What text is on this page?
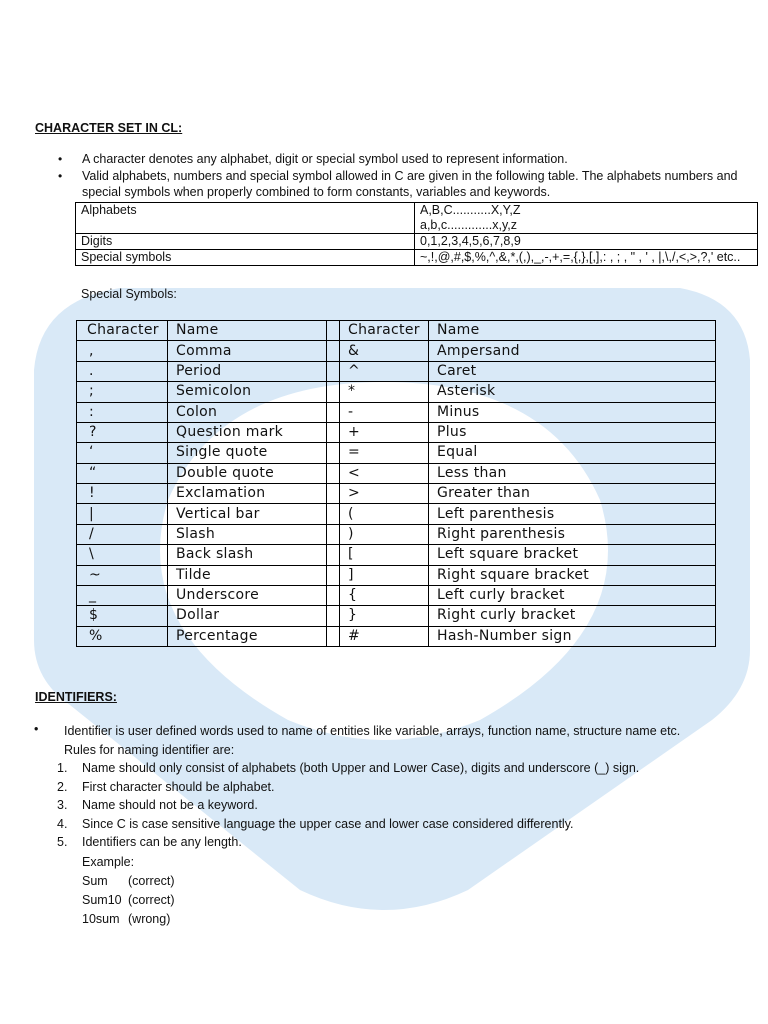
CHARACTER SET IN CL:
• A character denotes any alphabet, digit or special symbol used to represent information.
• Valid alphabets, numbers and special symbol allowed in C are given in the following table. The alphabets numbers and special symbols when properly combined to form constants, variables and keywords.
Alphabets	A,B,C...........X,Y,Z
a,b,c.............x,y,z

Digits	0,1,2,3,4,5,6,7,8,9
Special symbols	~,!,@,#,$,%,^,&,*,(,),_,-,+,=,{,},[,],: , ; , " , ' , |,\,/,<,>,?,' etc..
Special Symbols:
Character	Name		Character	Name
,	Comma		&	Ampersand
.	Period		^	Caret
;	Semicolon		*	Asterisk
:	Colon		-	Minus
?	Question mark		+	Plus
‘	Single quote		=	Equal
“	Double quote		<	Less than
!	Exclamation		>	Greater than
|	Vertical bar		(	Left parenthesis
/	Slash		)	Right parenthesis
\	Back slash		[	Left square bracket
~	Tilde		]	Right square bracket
_	Underscore		{	Left curly bracket
$	Dollar		}	Right curly bracket
%	Percentage		#	Hash-Number sign
IDENTIFIERS:
• Identifier is user defined words used to name of entities like variable, arrays, function name, structure name etc.
Rules for naming identifier are:
1. Name should only consist of alphabets (both Upper and Lower Case), digits and underscore (_) sign.
2. First character should be alphabet.
3. Name should not be a keyword.
4. Since C is case sensitive language the upper case and lower case considered differently.
5. Identifiers can be any length.
Example:
Sum	(correct)
Sum10 (correct)
10sum (wrong)
